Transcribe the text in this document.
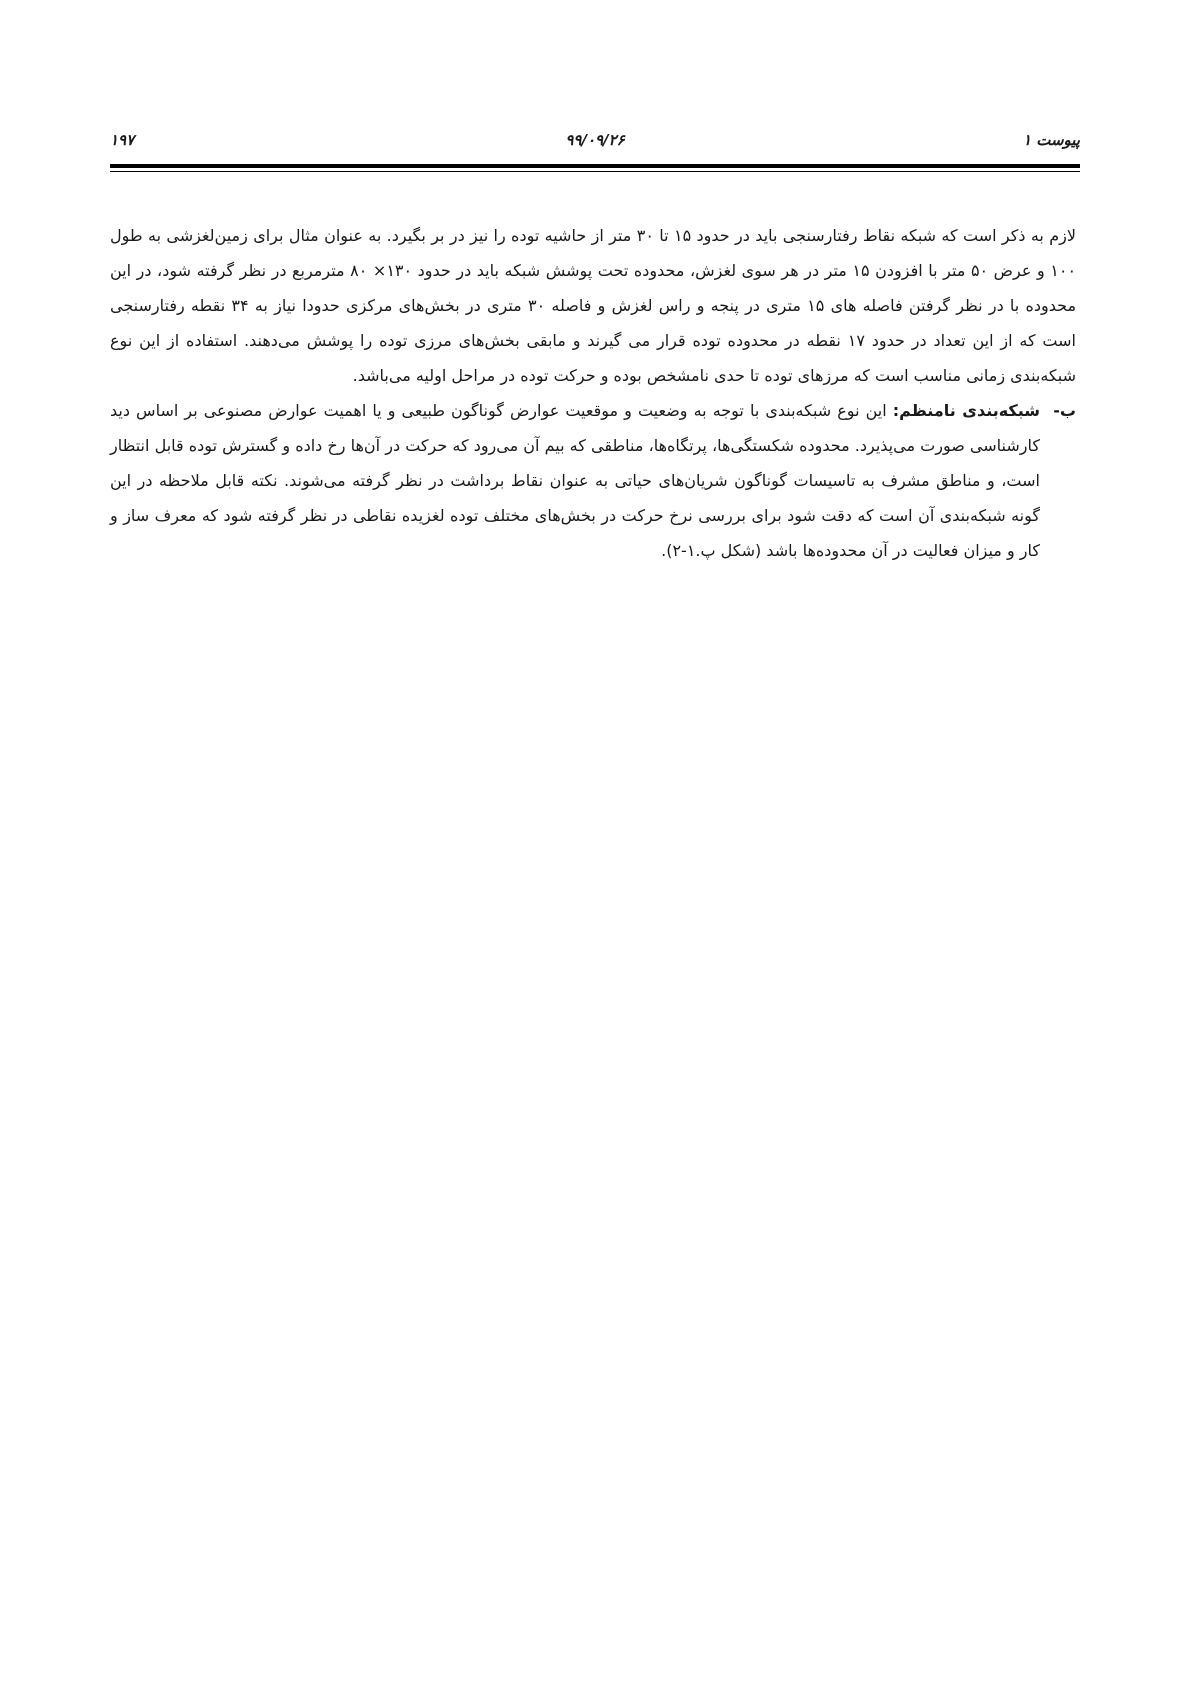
پیوست ۱
۹۹/۰۹/۲۶
۱۹۷

لازم به ذکر است که شبکه نقاط رفتارسنجی باید در حدود ۱۵ تا ۳۰ متر از حاشیه توده را نیز در بر بگیرد. به عنوان مثال برای زمین‌لغزشی به طول ۱۰۰ و عرض ۵۰ متر با افزودن ۱۵ متر در هر سوی لغزش، محدوده تحت پوشش شبکه باید در حدود ۱۳۰× ۸۰ مترمربع در نظر گرفته شود، در این محدوده با در نظر گرفتن فاصله های ۱۵ متری در پنجه و راس لغزش و فاصله ۳۰ متری در بخش‌های مرکزی حدودا نیاز به ۳۴ نقطه رفتارسنجی است که از این تعداد در حدود ۱۷ نقطه در محدوده توده قرار می گیرند و مابقی بخش‌های مرزی توده را پوشش می‌دهند. استفاده از این نوع شبکه‌بندی زمانی مناسب است که مرزهای توده تا حدی نامشخص بوده و حرکت توده در مراحل اولیه می‌باشد.

ب-
شبکه‌بندی نامنظم: این نوع شبکه‌بندی با توجه به وضعیت و موقعیت عوارض گوناگون طبیعی و یا اهمیت عوارض مصنوعی بر اساس دید کارشناسی صورت می‌پذیرد. محدوده شکستگی‌ها، پرتگاه‌ها، مناطقی که بیم آن می‌رود که حرکت در آن‌ها رخ داده و گسترش توده قابل انتظار است، و مناطق مشرف به تاسیسات گوناگون شریان‌های حیاتی به عنوان نقاط برداشت در نظر گرفته می‌شوند. نکته قابل ملاحظه در این گونه شبکه‌بندی آن است که دقت شود برای بررسی نرخ حرکت در بخش‌های مختلف توده لغزیده نقاطی در نظر گرفته شود که معرف ساز و کار و میزان فعالیت در آن محدوده‌ها باشد (شکل پ.۱-۲).
